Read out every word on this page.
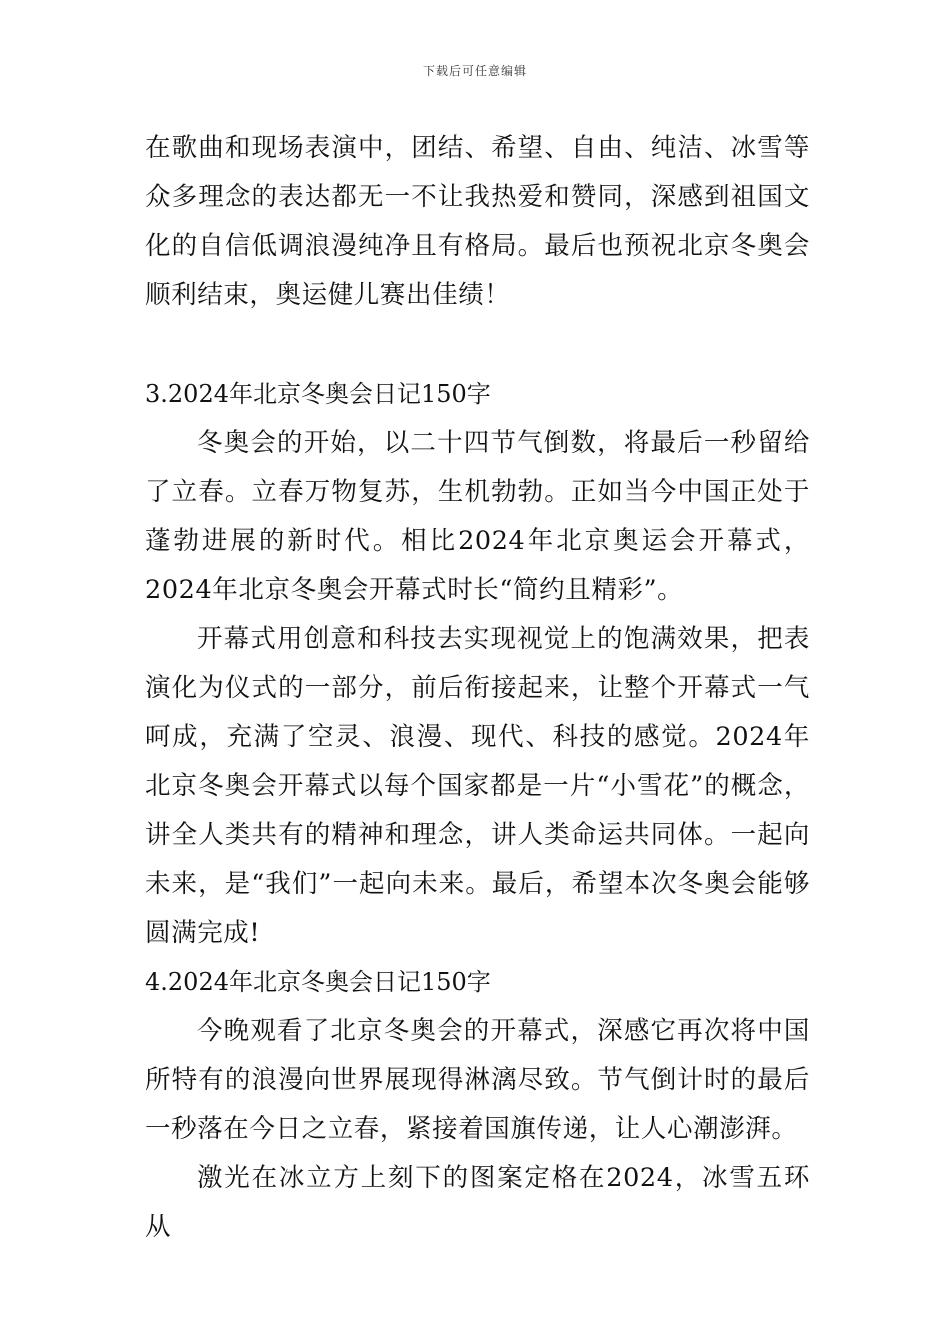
下载后可任意编辑

在歌曲和现场表演中，团结、希望、自由、纯洁、冰雪等众多理念的表达都无一不让我热爱和赞同，深感到祖国文化的自信低调浪漫纯净且有格局。最后也预祝北京冬奥会顺利结束，奥运健儿赛出佳绩！

3.2024年北京冬奥会日记150字

冬奥会的开始，以二十四节气倒数，将最后一秒留给了立春。立春万物复苏，生机勃勃。正如当今中国正处于蓬勃进展的新时代。相比2024年北京奥运会开幕式，2024年北京冬奥会开幕式时长“简约且精彩”。

开幕式用创意和科技去实现视觉上的饱满效果，把表演化为仪式的一部分，前后衔接起来，让整个开幕式一气呵成，充满了空灵、浪漫、现代、科技的感觉。2024年北京冬奥会开幕式以每个国家都是一片“小雪花”的概念，讲全人类共有的精神和理念，讲人类命运共同体。一起向未来，是“我们”一起向未来。最后，希望本次冬奥会能够圆满完成!

4.2024年北京冬奥会日记150字

今晚观看了北京冬奥会的开幕式，深感它再次将中国所特有的浪漫向世界展现得淋漓尽致。节气倒计时的最后一秒落在今日之立春，紧接着国旗传递，让人心潮澎湃。

激光在冰立方上刻下的图案定格在2024，冰雪五环从
